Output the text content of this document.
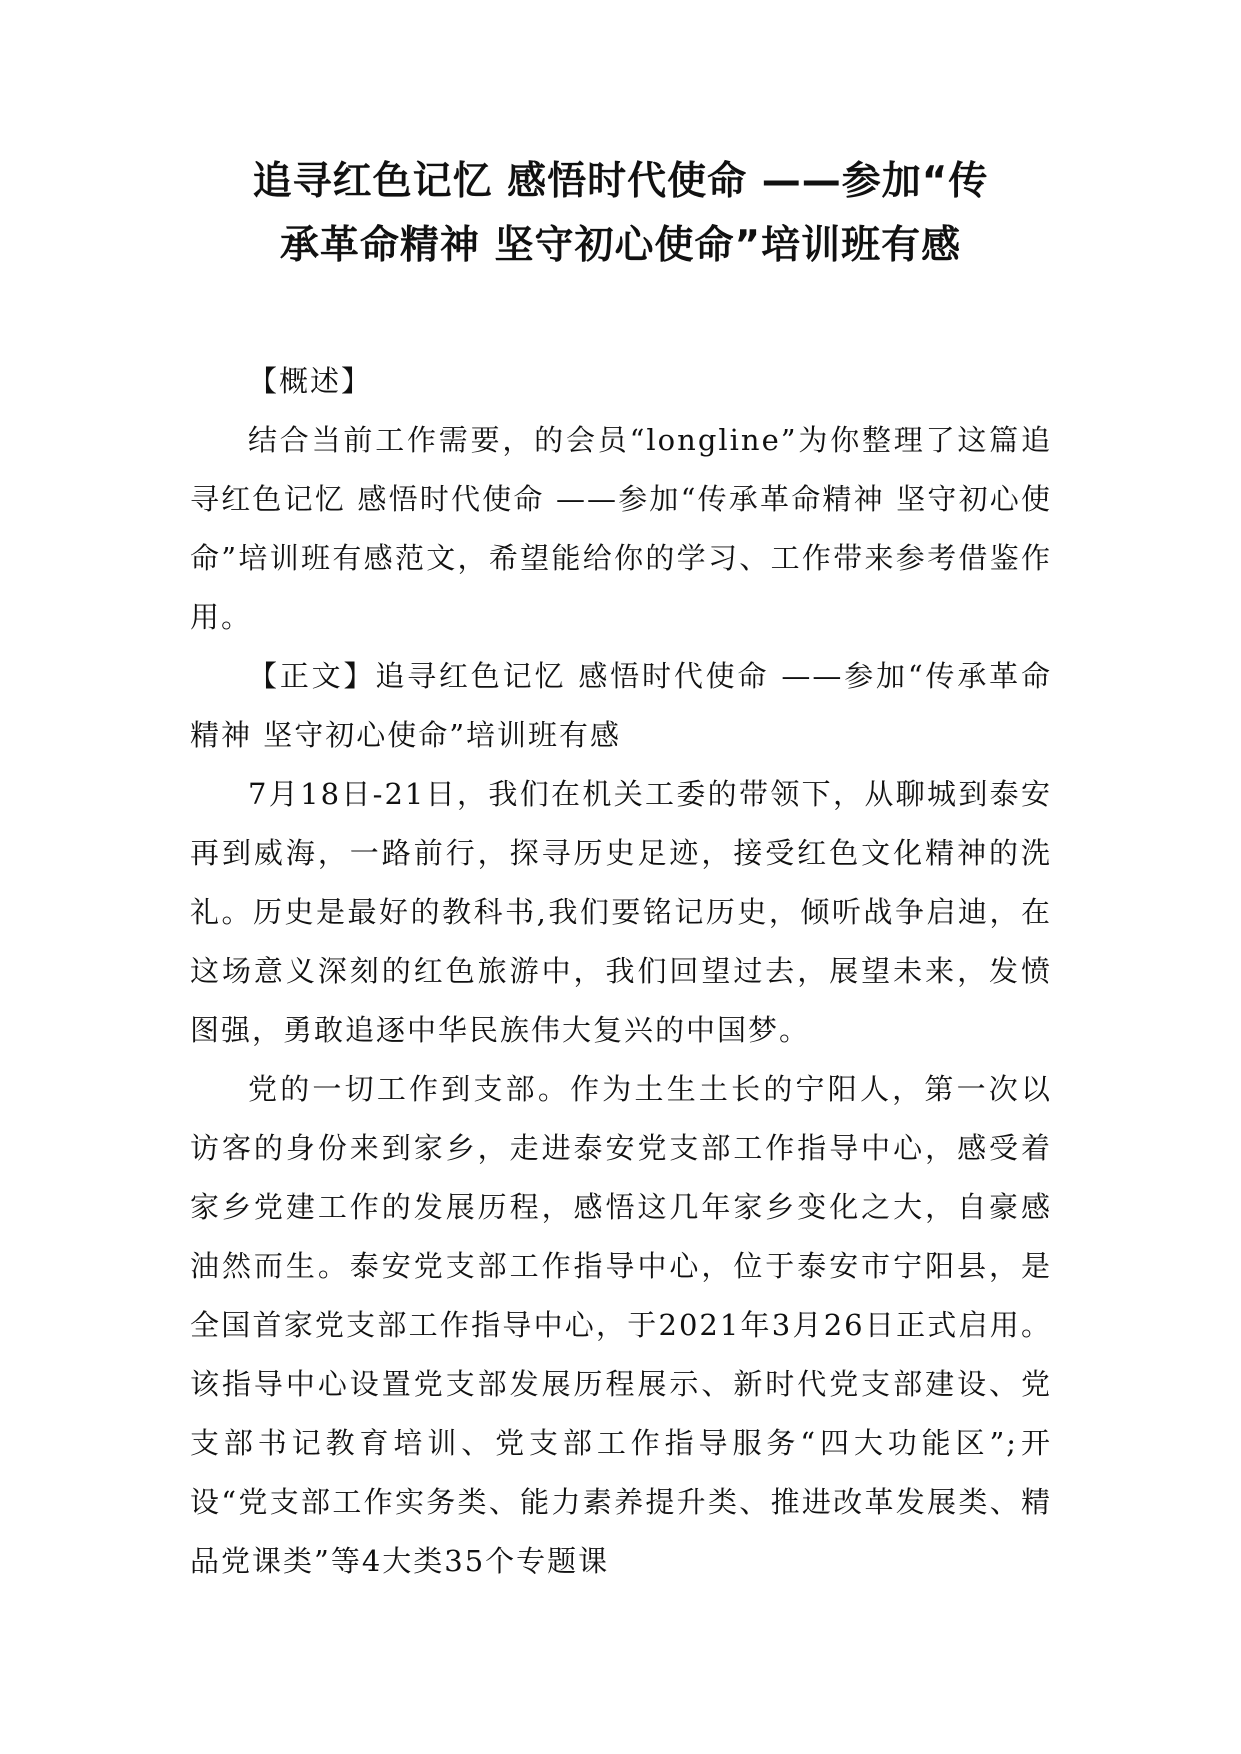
追寻红色记忆 感悟时代使命 ——参加“传
承革命精神 坚守初心使命”培训班有感

【概述】

结合当前工作需要，的会员“longline”为你整理了这篇追寻红色记忆 感悟时代使命 ——参加“传承革命精神 坚守初心使命”培训班有感范文，希望能给你的学习、工作带来参考借鉴作用。

【正文】追寻红色记忆 感悟时代使命 ——参加“传承革命精神 坚守初心使命”培训班有感

7月18日-21日，我们在机关工委的带领下，从聊城到泰安再到威海，一路前行，探寻历史足迹，接受红色文化精神的洗礼。历史是最好的教科书,我们要铭记历史，倾听战争启迪，在这场意义深刻的红色旅游中，我们回望过去，展望未来，发愤图强，勇敢追逐中华民族伟大复兴的中国梦。

党的一切工作到支部。作为土生土长的宁阳人，第一次以访客的身份来到家乡，走进泰安党支部工作指导中心，感受着家乡党建工作的发展历程，感悟这几年家乡变化之大，自豪感油然而生。泰安党支部工作指导中心，位于泰安市宁阳县，是全国首家党支部工作指导中心，于2021年3月26日正式启用。该指导中心设置党支部发展历程展示、新时代党支部建设、党支部书记教育培训、党支部工作指导服务“四大功能区”;开设“党支部工作实务类、能力素养提升类、推进改革发展类、精品党课类”等4大类35个专题课
